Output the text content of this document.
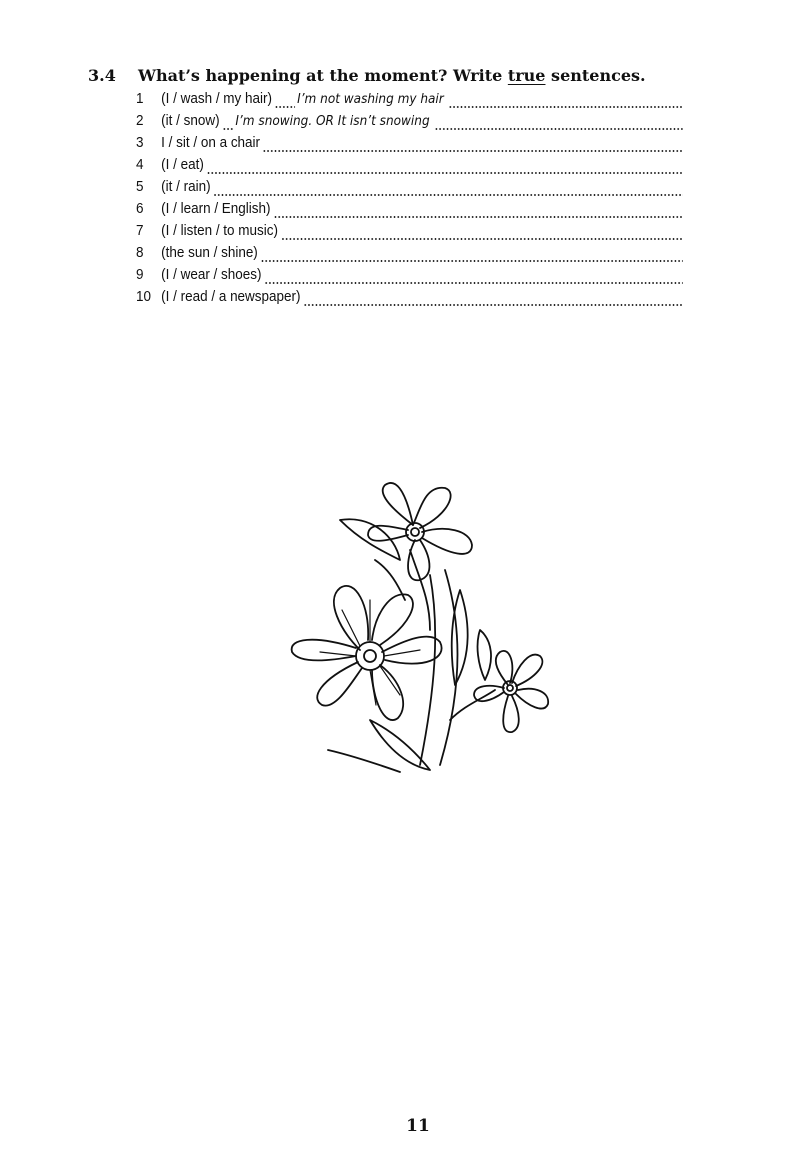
3.4 What’s happening at the moment? Write true sentences.
1	(I / wash / my hair) I’m not washing my hair
2	(it / snow) I’m snowing. OR It isn’t snowing
3	I / sit / on a chair
4	(I / eat)
5	(it / rain)
6	(I / learn / English)
7	(I / listen / to music)
8	(the sun / shine)
9	(I / wear / shoes)
10 (I / read / a newspaper)
11
